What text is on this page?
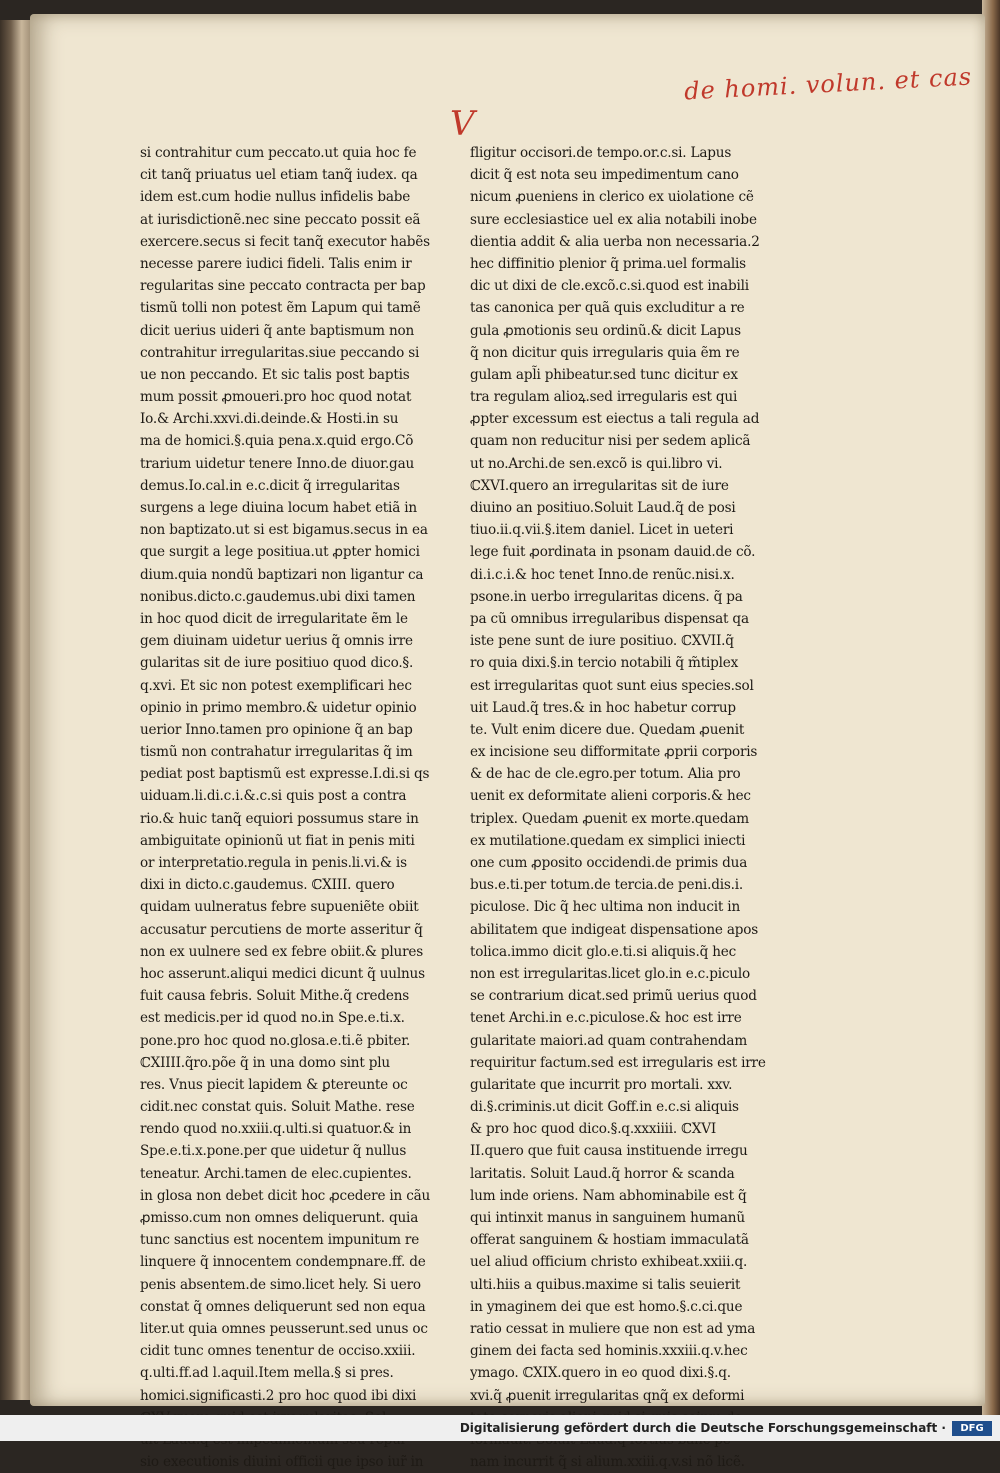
de homi. volun. et cas
V
si contrahitur cum peccato.ut quia hoc fe
cit tanq̃ priuatus uel etiam tanq̃ iudex. qa
idem est.cum hodie nullus infidelis babe
at iurisdictionẽ.nec sine peccato possit eã
exercere.secus si fecit tanq̃ executor habẽs
necesse parere iudici fideli. Talis enim ir
regularitas sine peccato contracta per bap
tismũ tolli non potest ẽm Lapum qui tamẽ
dicit uerius uideri q̃ ante baptismum non
contrahitur irregularitas.siue peccando si
ue non peccando. Et sic talis post baptis
mum possit ꝓmoueri.pro hoc quod notat
Io.& Archi.xxvi.di.deinde.& Hosti.in su
ma de homici.§.quia pena.x.quid ergo.Cõ
trarium uidetur tenere Inno.de diuor.gau
demus.Io.cal.in e.c.dicit q̃ irregularitas
surgens a lege diuina locum habet etiã in
non baptizato.ut si est bigamus.secus in ea
que surgit a lege positiua.ut ꝓpter homici
dium.quia nondũ baptizari non ligantur ca
nonibus.dicto.c.gaudemus.ubi dixi tamen
in hoc quod dicit de irregularitate ẽm le
gem diuinam uidetur uerius q̃ omnis irre
gularitas sit de iure positiuo quod dico.§.
q.xvi. Et sic non potest exemplificari hec
opinio in primo membro.& uidetur opinio
uerior Inno.tamen pro opinione q̃ an bap
tismũ non contrahatur irregularitas q̃ im
pediat post baptismũ est expresse.I.di.si qs
uiduam.li.di.c.i.&.c.si quis post a contra
rio.& huic tanq̃ equiori possumus stare in
ambiguitate opinionũ ut fiat in penis miti
or interpretatio.regula in penis.li.vi.& is
dixi in dicto.c.gaudemus. ℂXIII. quero
quidam uulneratus febre supueniẽte obiit
accusatur percutiens de morte asseritur q̃
non ex uulnere sed ex febre obiit.& plures
hoc asserunt.aliqui medici dicunt q̃ uulnus
fuit causa febris. Soluit Mithe.q̃ credens
est medicis.per id quod no.in Spe.e.ti.x.
pone.pro hoc quod no.glosa.e.ti.ẽ pbiter.
ℂXIIII.q̃ro.põe q̃ in una domo sint plu
res. Vnus piecit lapidem & ꝑtereunte oc
cidit.nec constat quis. Soluit Mathe. rese
rendo quod no.xxiii.q.ulti.si quatuor.& in
Spe.e.ti.x.pone.per que uidetur q̃ nullus
teneatur. Archi.tamen de elec.cupientes.
in glosa non debet dicit hoc ꝓcedere in cãu
ꝓmisso.cum non omnes deliquerunt. quia
tunc sanctius est nocentem impunitum re
linquere q̃ innocentem condempnare.ff. de
penis absentem.de simo.licet hely. Si uero
constat q̃ omnes deliquerunt sed non equa
liter.ut quia omnes peusserunt.sed unus oc
cidit tunc omnes tenentur de occiso.xxiii.
q.ulti.ff.ad l.aquil.Item mella.§ si pres.
homici.significasti.2 pro hoc quod ibi dixi
sio executionis diuini officii que ipso iur̃ in
fligitur occisori.de tempo.or.c.si. Lapus
dicit q̃ est nota seu impedimentum cano
nicum ꝓueniens in clerico ex uiolatione cẽ
sure ecclesiastice uel ex alia notabili inobe
dientia addit & alia uerba non necessaria.2
hec diffinitio plenior q̃ prima.uel formalis
dic ut dixi de cle.excõ.c.si.quod est inabili
tas canonica per quã quis excluditur a re
gula ꝓmotionis seu ordinũ.& dicit Lapus
q̃ non dicitur quis irregularis quia ẽm re
gulam apl̃i phibeatur.sed tunc dicitur ex
tra regulam alioꝝ.sed irregularis est qui
ꝓpter excessum est eiectus a tali regula ad
quam non reducitur nisi per sedem aplicã
ut no.Archi.de sen.excõ is qui.libro vi.
ℂXVI.quero an irregularitas sit de iure
diuino an positiuo.Soluit Laud.q̃ de posi
tiuo.ii.q.vii.§.item daniel. Licet in ueteri
lege fuit ꝓordinata in psonam dauid.de cõ.
di.i.c.i.& hoc tenet Inno.de renũc.nisi.x.
psone.in uerbo irregularitas dicens. q̃ pa
pa cũ omnibus irregularibus dispensat qa
iste pene sunt de iure positiuo. ℂXVII.q̃
ro quia dixi.§.in tercio notabili q̃ m̃tiplex
est irregularitas quot sunt eius species.sol
uit Laud.q̃ tres.& in hoc habetur corrup
te. Vult enim dicere due. Quedam ꝓuenit
ex incisione seu difformitate ꝓprii corporis
& de hac de cle.egro.per totum. Alia pro
uenit ex deformitate alieni corporis.& hec
triplex. Quedam ꝓuenit ex morte.quedam
ex mutilatione.quedam ex simplici iniecti
one cum ꝓposito occidendi.de primis dua
bus.e.ti.per totum.de tercia.de peni.dis.i.
piculose. Dic q̃ hec ultima non inducit in
abilitatem que indigeat dispensatione apos
tolica.immo dicit glo.e.ti.si aliquis.q̃ hec
non est irregularitas.licet glo.in e.c.piculo
se contrarium dicat.sed primũ uerius quod
tenet Archi.in e.c.piculose.& hoc est irre
gularitate maiori.ad quam contrahendam
requiritur factum.sed est irregularis est irre
gularitate que incurrit pro mortali. xxv.
di.§.criminis.ut dicit Goff.in e.c.si aliquis
& pro hoc quod dico.§.q.xxxiiii. ℂXVI
II.quero que fuit causa instituende irregu
laritatis. Soluit Laud.q̃ horror & scanda
lum inde oriens. Nam abhominabile est q̃
qui intinxit manus in sanguinem humanũ
offerat sanguinem & hostiam immaculatã
uel aliud officium christo exhibeat.xxiii.q.
ulti.hiis a quibus.maxime si talis seuierit
in ymaginem dei que est homo.§.c.ci.que
ratio cessat in muliere que non est ad yma
ginem dei facta sed hominis.xxxiii.q.v.hec
ymago. ℂXIX.quero in eo quod dixi.§.q.
xvi.q̃ ꝓuenit irregularitas qnq̃ ex deformi
nam incurrit q̃ si alium.xxiii.q.v.si nõ licẽ.
Digitalisierung gefördert durch die Deutsche Forschungsgemeinschaft ·	DFG
